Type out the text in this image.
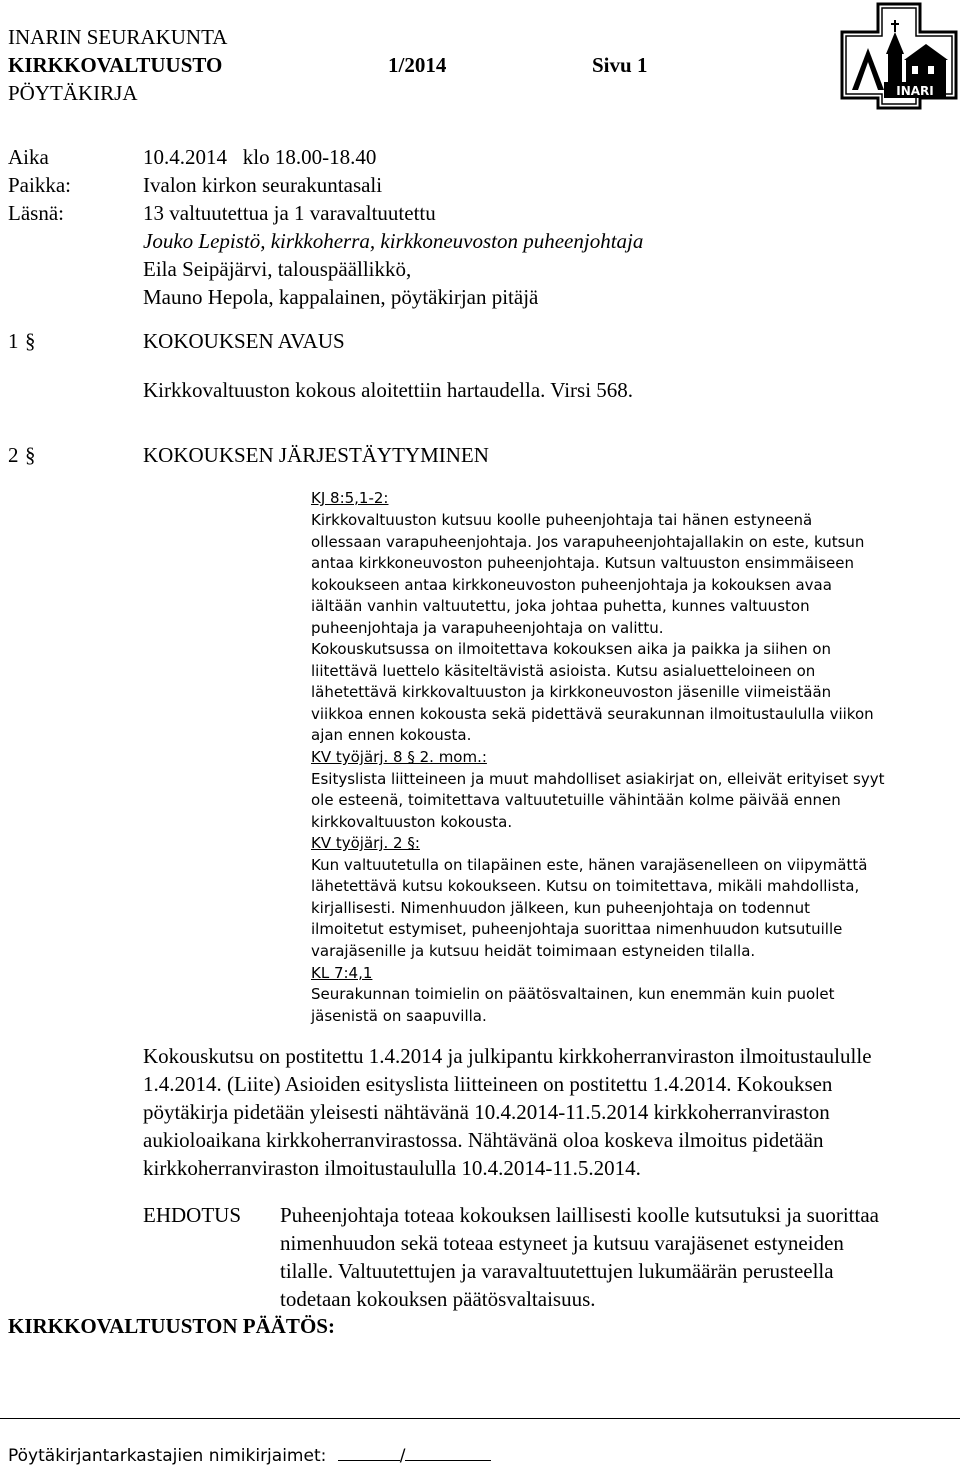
INARIN SEURAKUNTA
KIRKKOVALTUUSTO	1/2014	Sivu 1
PÖYTÄKIRJA	INARI
Aika	10.4.2014   klo 18.00-18.40
Paikka:	Ivalon kirkon seurakuntasali
Läsnä:	13 valtuutettua ja 1 varavaltuutettu
Jouko Lepistö, kirkkoherra, kirkkoneuvoston puheenjohtaja
Eila Seipäjärvi, talouspäällikkö,
Mauno Hepola, kappalainen, pöytäkirjan pitäjä
1 §	KOKOUKSEN AVAUS
Kirkkovaltuuston kokous aloitettiin hartaudella. Virsi 568.
2 §	KOKOUKSEN JÄRJESTÄYTYMINEN
KJ 8:5,1-2:
Kirkkovaltuuston kutsuu koolle puheenjohtaja tai hänen estyneenä
ollessaan varapuheenjohtaja. Jos varapuheenjohtajallakin on este, kutsun
antaa kirkkoneuvoston puheenjohtaja. Kutsun valtuuston ensimmäiseen
kokoukseen antaa kirkkoneuvoston puheenjohtaja ja kokouksen avaa
iältään vanhin valtuutettu, joka johtaa puhetta, kunnes valtuuston
puheenjohtaja ja varapuheenjohtaja on valittu.
Kokouskutsussa on ilmoitettava kokouksen aika ja paikka ja siihen on
liitettävä luettelo käsiteltävistä asioista. Kutsu asialuetteloineen on
lähetettävä kirkkovaltuuston ja kirkkoneuvoston jäsenille viimeistään
viikkoa ennen kokousta sekä pidettävä seurakunnan ilmoitustaululla viikon
ajan ennen kokousta.
KV työjärj. 8 § 2. mom.:
Esityslista liitteineen ja muut mahdolliset asiakirjat on, elleivät erityiset syyt
ole esteenä, toimitettava valtuutetuille vähintään kolme päivää ennen
kirkkovaltuuston kokousta.
KV työjärj. 2 §:
Kun valtuutetulla on tilapäinen este, hänen varajäsenelleen on viipymättä
lähetettävä kutsu kokoukseen. Kutsu on toimitettava, mikäli mahdollista,
kirjallisesti. Nimenhuudon jälkeen, kun puheenjohtaja on todennut
ilmoitetut estymiset, puheenjohtaja suorittaa nimenhuudon kutsutuille
varajäsenille ja kutsuu heidät toimimaan estyneiden tilalla.
KL 7:4,1
Seurakunnan toimielin on päätösvaltainen, kun enemmän kuin puolet
jäsenistä on saapuvilla.
Kokouskutsu on postitettu 1.4.2014 ja julkipantu kirkkoherranviraston ilmoitustaululle
1.4.2014. (Liite) Asioiden esityslista liitteineen on postitettu 1.4.2014. Kokouksen
pöytäkirja pidetään yleisesti nähtävänä 10.4.2014-11.5.2014 kirkkoherranviraston
aukioloaikana kirkkoherranvirastossa. Nähtävänä oloa koskeva ilmoitus pidetään
kirkkoherranviraston ilmoitustaululla 10.4.2014-11.5.2014.
EHDOTUS Puheenjohtaja toteaa kokouksen laillisesti koolle kutsutuksi ja suorittaa
nimenhuudon sekä toteaa estyneet ja kutsuu varajäsenet estyneiden
tilalle. Valtuutettujen ja varavaltuutettujen lukumäärän perusteella
todetaan kokouksen päätösvaltaisuus.
KIRKKOVALTUUSTON PÄÄTÖS:
Pöytäkirjantarkastajien nimikirjaimet:	/
